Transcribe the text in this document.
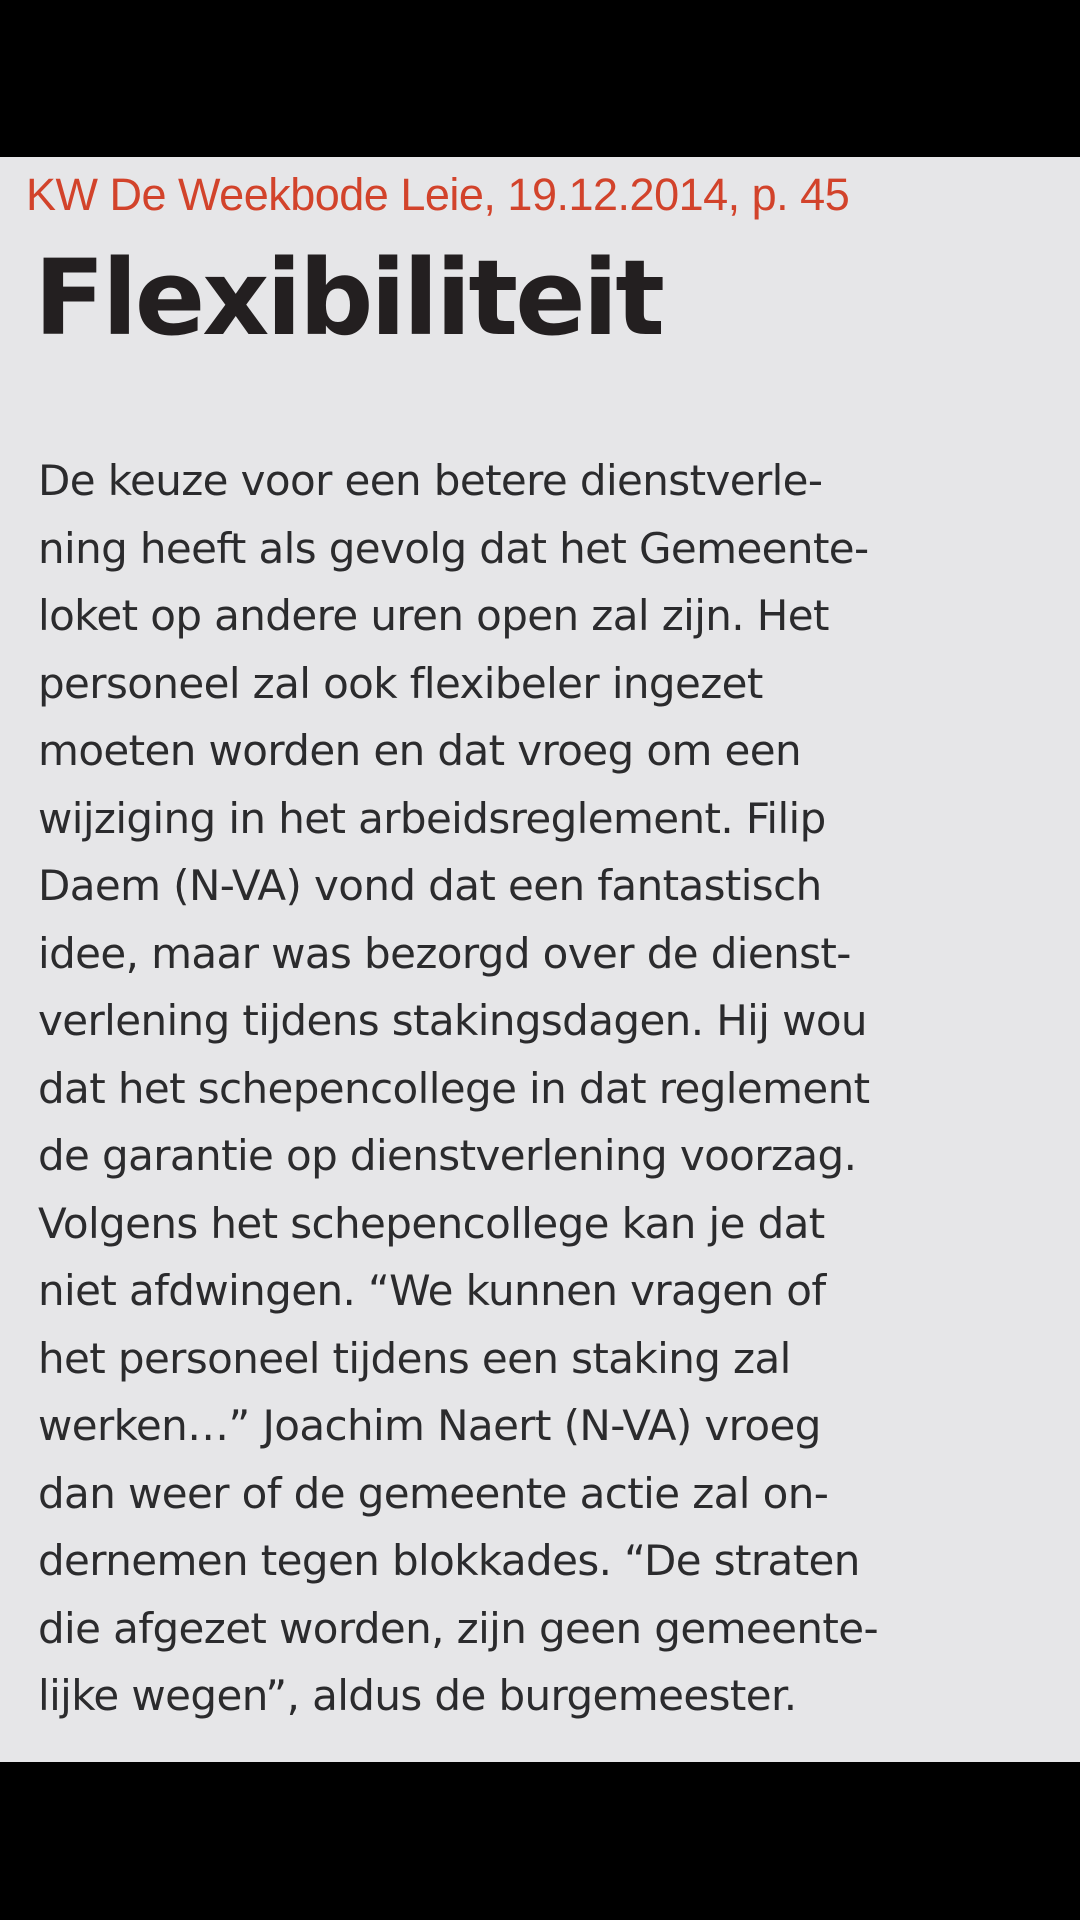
KW De Weekbode Leie, 19.12.2014, p. 45
Flexibiliteit
De keuze voor een betere dienstverle-
ning heeft als gevolg dat het Gemeente-
loket op andere uren open zal zijn. Het
personeel zal ook flexibeler ingezet
moeten worden en dat vroeg om een
wijziging in het arbeidsreglement. Filip
Daem (N-VA) vond dat een fantastisch
idee, maar was bezorgd over de dienst-
verlening tijdens stakingsdagen. Hij wou
dat het schepencollege in dat reglement
de garantie op dienstverlening voorzag.
Volgens het schepencollege kan je dat
niet afdwingen. “We kunnen vragen of
het personeel tijdens een staking zal
werken…” Joachim Naert (N-VA) vroeg
dan weer of de gemeente actie zal on-
dernemen tegen blokkades. “De straten
die afgezet worden, zijn geen gemeente-
lijke wegen”, aldus de burgemeester.
